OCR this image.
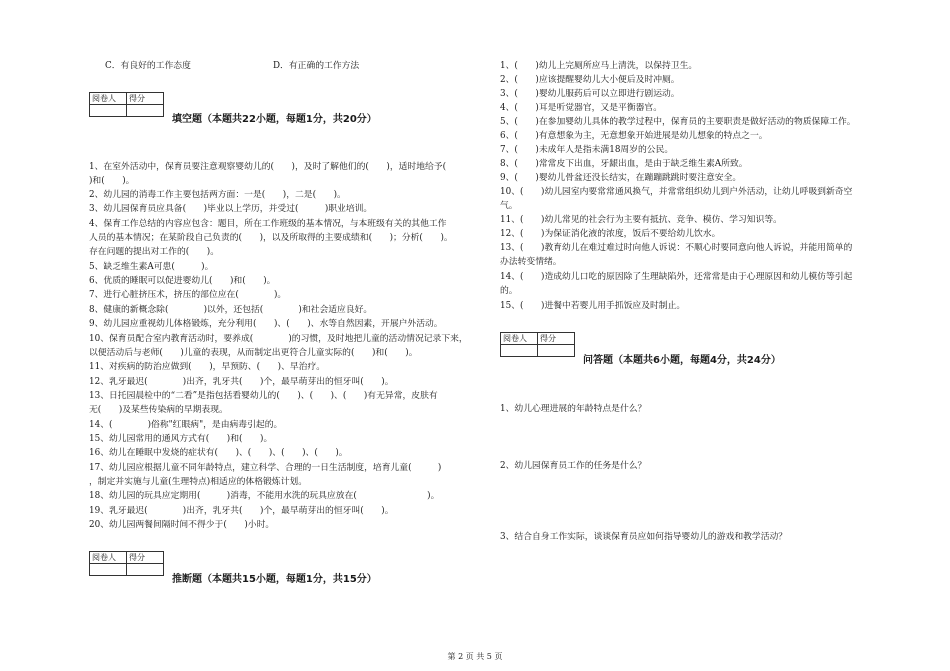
C．有良好的工作态度	D．有正确的工作方法
阅卷人	得分

填空题（本题共22小题，每题1分，共20分）
1、在室外活动中，保育员要注意观察婴幼儿的(　　)，及时了解他们的(　　)，适时地给予(
)和(　　)。
2、幼儿园的消毒工作主要包括两方面：一是(　　)，二是(　　)。
3、幼儿园保育员应具备(　　)毕业以上学历，并受过(　　　)职业培训。
4、保育工作总结的内容应包含：题目，所在工作班级的基本情况，与本班级有关的其他工作
人员的基本情况；在某阶段自己负责的(　　)，以及所取得的主要成绩和(　　)；分析(　　)。
存在问题的提出对工作的(　　)。
5、缺乏维生素A可患(　　　)。
6、优质的睡眠可以促进婴幼儿(　　)和(　　)。
7、进行心脏挤压术，挤压的部位应在(　　　　)。
8、健康的新概念除(　　　　)以外，还包括(　　　　)和社会适应良好。
9、幼儿园应重视幼儿体格锻炼，充分利用(　　)、(　　)、水等自然因素，开展户外活动。
10、保育员配合室内教育活动时，要养成(　　　　)的习惯，及时地把儿童的活动情况记录下来，
以便活动后与老师(　　)儿童的表现，从而制定出更符合儿童实际的(　　)和(　　)。
11、对疾病的防治应做到(　　)，早预防、(　　)、早治疗。
12、乳牙最迟(　　　　)出齐，乳牙共(　　)个，最早萌芽出的恒牙叫(　　)。
13、日托园晨检中的“二看”是指包括看婴幼儿的(　　)、(　　)、(　　)有无异常，皮肤有
无(　　)及某些传染病的早期表现。
14、(　　　　)俗称"红眼病"，是由病毒引起的。
15、幼儿园常用的通风方式有(　　)和(　　)。
16、幼儿在睡眠中发烧的症状有(　　)、(　　)、(　　)、(　　)。
17、幼儿园应根据儿童不同年龄特点，建立科学、合理的一日生活制度，培育儿童(　　　)
，制定并实施与儿童(生理特点)相适应的体格锻炼计划。
18、幼儿园的玩具应定期用(　　　)消毒，不能用水洗的玩具应放在(　　　　　　　　)。
19、乳牙最迟(　　　　)出齐，乳牙共(　　)个，最早萌芽出的恒牙叫(　　)。
20、幼儿园两餐间隔时间不得少于(　　)小时。
阅卷人	得分

推断题（本题共15小题，每题1分，共15分）
1、(　　)幼儿上完厕所应马上清洗，以保持卫生。
2、(　　)应该提醒婴幼儿大小便后及时冲厕。
3、(　　)婴幼儿服药后可以立即进行剧运动。
4、(　　)耳是听觉器官，又是平衡器官。
5、(　　)在参加婴幼儿具体的教学过程中，保育员的主要职责是做好活动的物质保障工作。
6、(　　)有意想象为主，无意想象开始进展是幼儿想象的特点之一。
7、(　　)未成年人是指未满18周岁的公民。
8、(　　)常常皮下出血，牙龈出血，是由于缺乏维生素A所致。
9、(　　)婴幼儿骨盆还没长结实，在蹦蹦跳跳时要注意安全。
10、(　　)幼儿园室内要常常通风换气，并常常组织幼儿到户外活动，让幼儿呼吸到新奇空
气。
11、(　　)幼儿常见的社会行为主要有抵抗、竞争、模仿、学习知识等。
12、(　　)为保证消化液的浓度，饭后不要给幼儿饮水。
13、(　　)教育幼儿在难过难过时向他人诉说：不顺心时要同意向他人诉说，并能用简单的
办法转变情绪。
14、(　　)造成幼儿口吃的原因除了生理缺陷外，还常常是由于心理原因和幼儿模仿等引起
的。
15、(　　)进餐中若婴儿用手抓饭应及时制止。
阅卷人	得分

问答题（本题共6小题，每题4分，共24分）
1、幼儿心理进展的年龄特点是什么？
2、幼儿园保育员工作的任务是什么？
3、结合自身工作实际，谈谈保育员应如何指导婴幼儿的游戏和教学活动？
第 2 页 共 5 页
